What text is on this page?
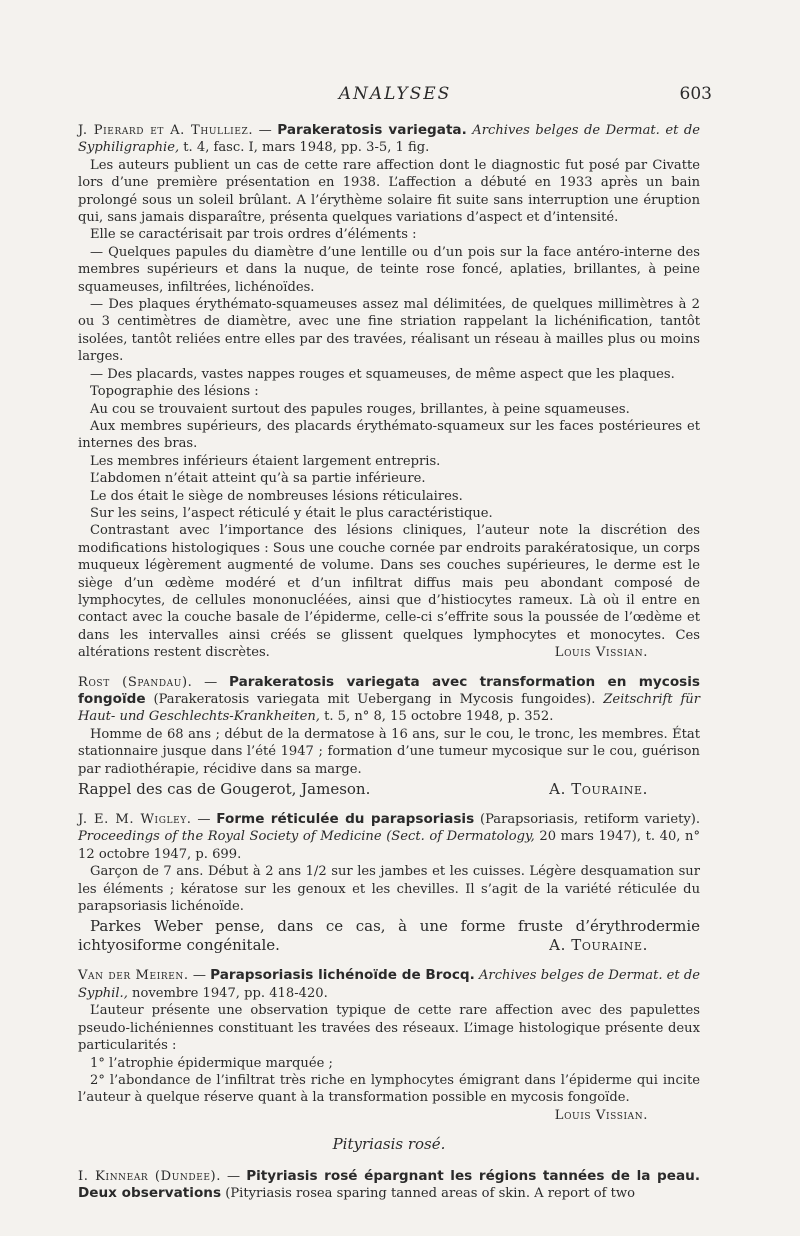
ANALYSES	603

J. Pierard et A. Thulliez. — Parakeratosis variegata. Archives belges de Dermat. et de Syphiligraphie, t. 4, fasc. I, mars 1948, pp. 3-5, 1 fig.

Les auteurs publient un cas de cette rare affection dont le diagnostic fut posé par Civatte lors d’une première présentation en 1938. L’affection a débuté en 1933 après un bain prolongé sous un soleil brûlant. A l’érythème solaire fit suite sans interruption une éruption qui, sans jamais disparaître, présenta quelques variations d’aspect et d’intensité.

Elle se caractérisait par trois ordres d’éléments :

— Quelques papules du diamètre d’une lentille ou d’un pois sur la face antéro-interne des membres supérieurs et dans la nuque, de teinte rose foncé, aplaties, brillantes, à peine squameuses, infiltrées, lichénoïdes.

— Des plaques érythémato-squameuses assez mal délimitées, de quelques millimètres à 2 ou 3 centimètres de diamètre, avec une fine striation rappelant la lichénification, tantôt isolées, tantôt reliées entre elles par des travées, réalisant un réseau à mailles plus ou moins larges.

— Des placards, vastes nappes rouges et squameuses, de même aspect que les plaques.

Topographie des lésions :

Au cou se trouvaient surtout des papules rouges, brillantes, à peine squameuses.

Aux membres supérieurs, des placards érythémato-squameux sur les faces postérieures et internes des bras.

Les membres inférieurs étaient largement entrepris.

L’abdomen n’était atteint qu’à sa partie inférieure.

Le dos était le siège de nombreuses lésions réticulaires.

Sur les seins, l’aspect réticulé y était le plus caractéristique.

Contrastant avec l’importance des lésions cliniques, l’auteur note la discrétion des modifications histologiques : Sous une couche cornée par endroits parakératosique, un corps muqueux légèrement augmenté de volume. Dans ses couches supérieures, le derme est le siège d’un œdème modéré et d’un infiltrat diffus mais peu abondant composé de lymphocytes, de cellules mononucléées, ainsi que d’histiocytes rameux. Là où il entre en contact avec la couche basale de l’épiderme, celle-ci s’effrite sous la poussée de l’œdème et dans les intervalles ainsi créés se glissent quelques lymphocytes et monocytes. Ces altérations restent discrètes.	Louis Vissian.

Rost (Spandau). — Parakeratosis variegata avec transformation en mycosis fongoïde (Parakeratosis variegata mit Uebergang in Mycosis fungoides). Zeitschrift für Haut- und Geschlechts-Krankheiten, t. 5, n° 8, 15 octobre 1948, p. 352.

Homme de 68 ans ; début de la dermatose à 16 ans, sur le cou, le tronc, les membres. État stationnaire jusque dans l’été 1947 ; formation d’une tumeur mycosique sur le cou, guérison par radiothérapie, récidive dans sa marge.

Rappel des cas de Gougerot, Jameson.	A. Touraine.

J. E. M. Wigley. — Forme réticulée du parapsoriasis (Parapsoriasis, retiform variety). Proceedings of the Royal Society of Medicine (Sect. of Dermatology, 20 mars 1947), t. 40, n° 12 octobre 1947, p. 699.

Garçon de 7 ans. Début à 2 ans 1/2 sur les jambes et les cuisses. Légère desquamation sur les éléments ; kératose sur les genoux et les chevilles. Il s’agit de la variété réticulée du parapsoriasis lichénoïde.

Parkes Weber pense, dans ce cas, à une forme fruste d’érythrodermie ichtyosiforme congénitale.	A. Touraine.

Van der Meiren. — Parapsoriasis lichénoïde de Brocq. Archives belges de Dermat. et de Syphil., novembre 1947, pp. 418-420.

L’auteur présente une observation typique de cette rare affection avec des papulettes pseudo-lichéniennes constituant les travées des réseaux. L’image histologique présente deux particularités :

1° l’atrophie épidermique marquée ;

2° l’abondance de l’infiltrat très riche en lymphocytes émigrant dans l’épiderme qui incite l’auteur à quelque réserve quant à la transformation possible en mycosis fongoïde.
Louis Vissian.

Pityriasis rosé.

I. Kinnear (Dundee). — Pityriasis rosé épargnant les régions tannées de la peau. Deux observations (Pityriasis rosea sparing tanned areas of skin. A report of two
